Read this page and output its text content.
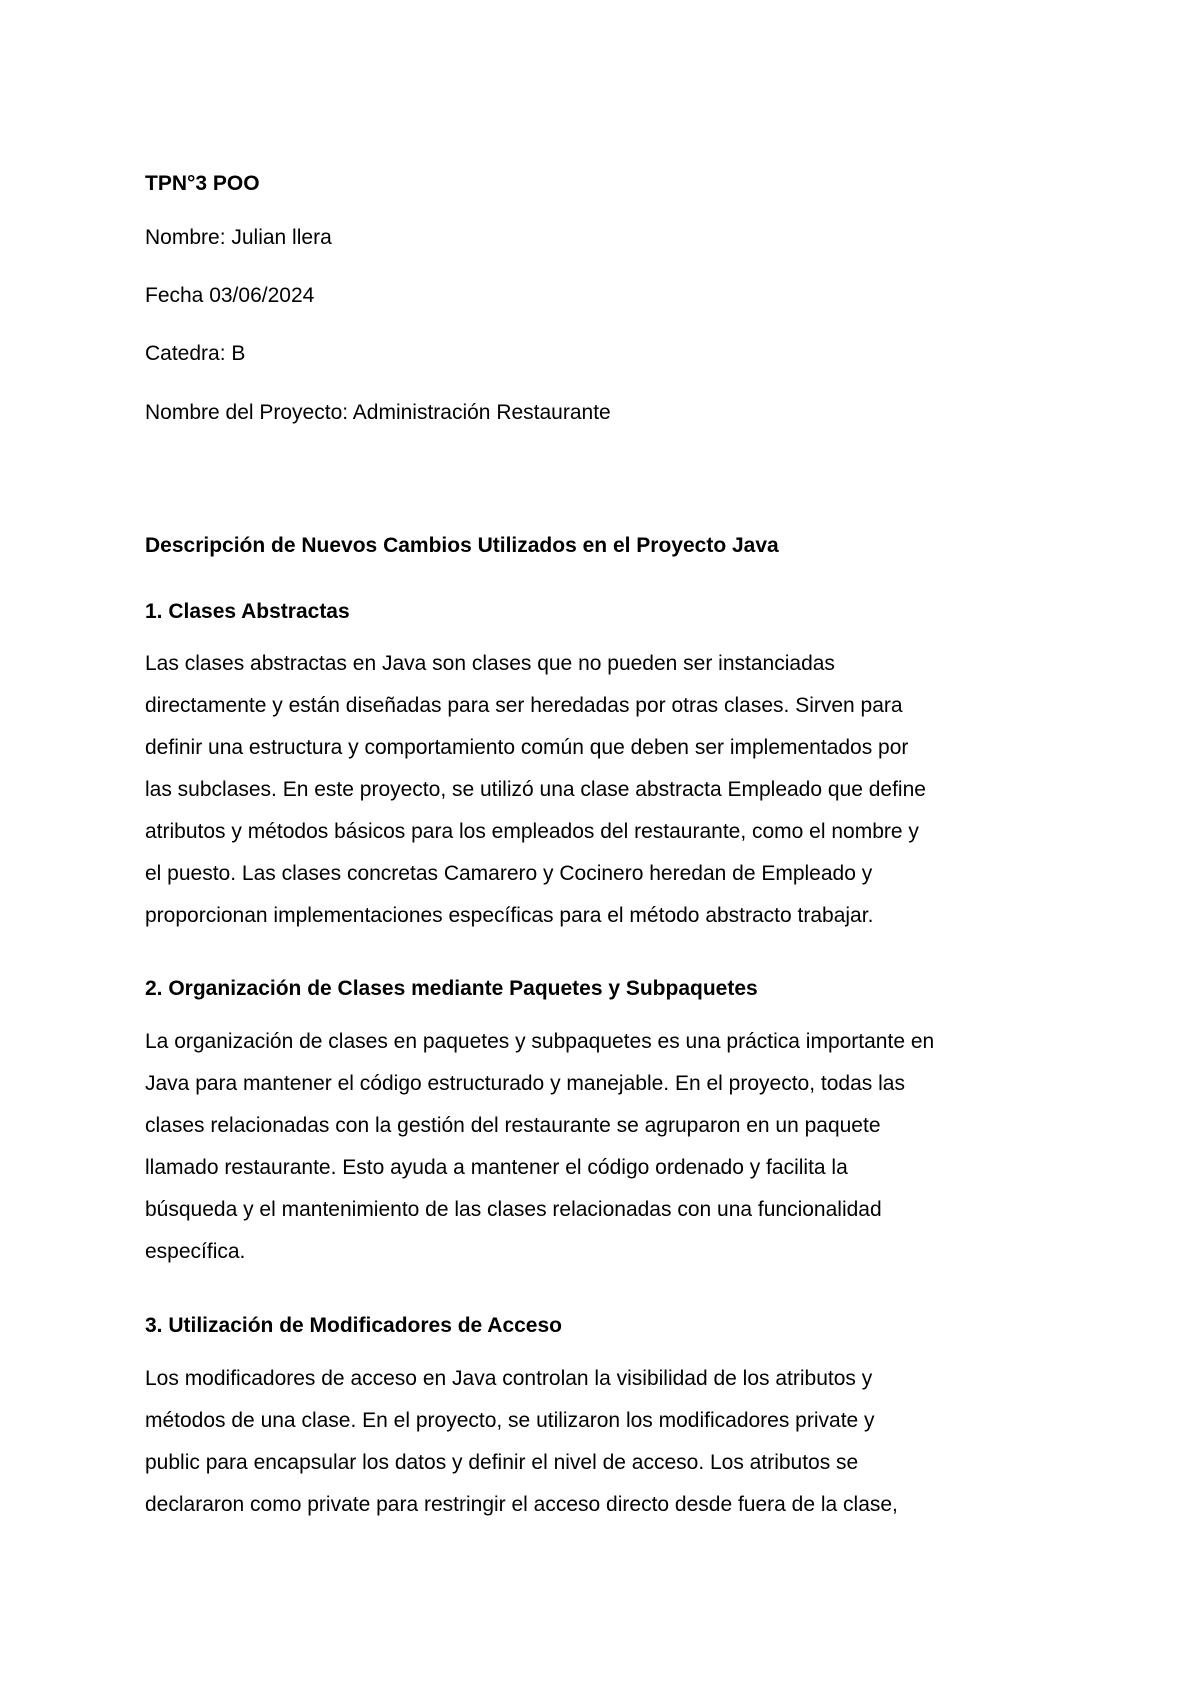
TPN°3 POO

Nombre: Julian llera

Fecha 03/06/2024

Catedra: B

Nombre del Proyecto: Administración Restaurante

Descripción de Nuevos Cambios Utilizados en el Proyecto Java

1. Clases Abstractas

Las clases abstractas en Java son clases que no pueden ser instanciadas

directamente y están diseñadas para ser heredadas por otras clases. Sirven para

definir una estructura y comportamiento común que deben ser implementados por

las subclases. En este proyecto, se utilizó una clase abstracta Empleado que define

atributos y métodos básicos para los empleados del restaurante, como el nombre y

el puesto. Las clases concretas Camarero y Cocinero heredan de Empleado y

proporcionan implementaciones específicas para el método abstracto trabajar.

2. Organización de Clases mediante Paquetes y Subpaquetes

La organización de clases en paquetes y subpaquetes es una práctica importante en

Java para mantener el código estructurado y manejable. En el proyecto, todas las

clases relacionadas con la gestión del restaurante se agruparon en un paquete

llamado restaurante. Esto ayuda a mantener el código ordenado y facilita la

búsqueda y el mantenimiento de las clases relacionadas con una funcionalidad

específica.

3. Utilización de Modificadores de Acceso

Los modificadores de acceso en Java controlan la visibilidad de los atributos y

métodos de una clase. En el proyecto, se utilizaron los modificadores private y

public para encapsular los datos y definir el nivel de acceso. Los atributos se

declararon como private para restringir el acceso directo desde fuera de la clase,
